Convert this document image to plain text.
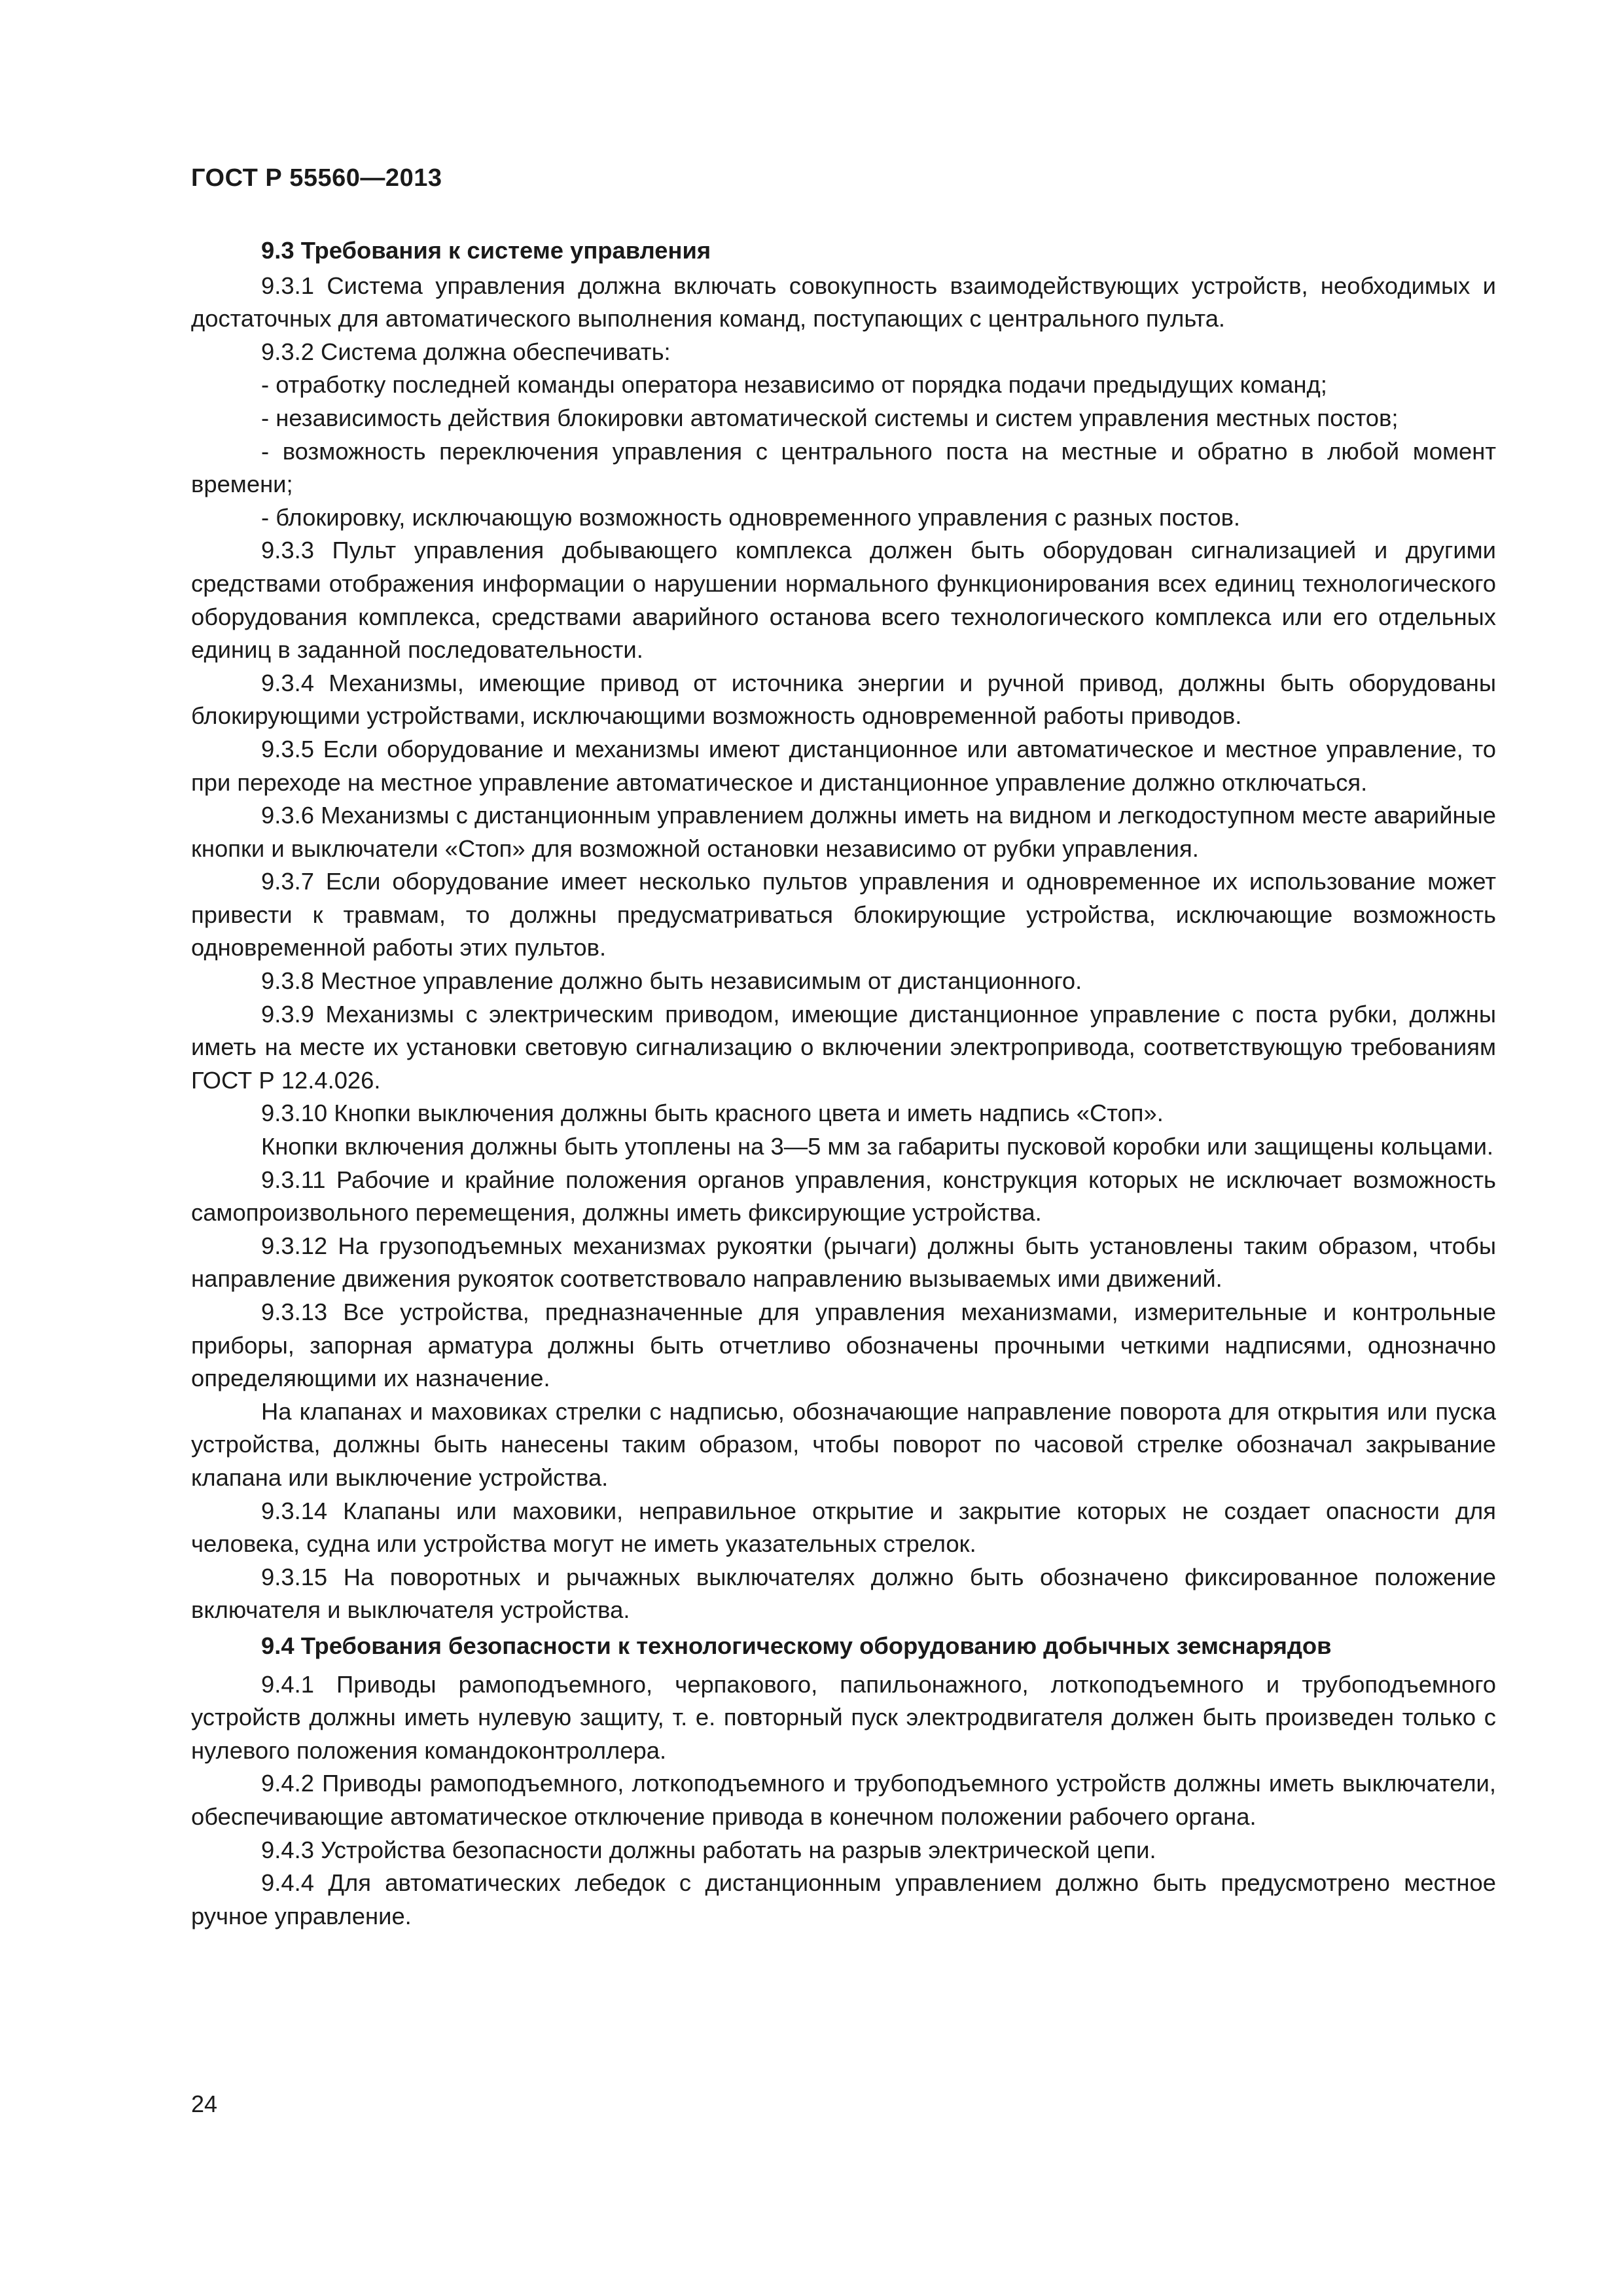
ГОСТ Р 55560—2013

9.3 Требования к системе управления

9.3.1 Система управления должна включать совокупность взаимодействующих устройств, необходимых и достаточных для автоматического выполнения команд, поступающих с центрального пульта.

9.3.2 Система должна обеспечивать:

- отработку последней команды оператора независимо от порядка подачи предыдущих команд;

- независимость действия блокировки автоматической системы и систем управления местных постов;

- возможность переключения управления с центрального поста на местные и обратно в любой момент времени;

- блокировку, исключающую возможность одновременного управления с разных постов.

9.3.3 Пульт управления добывающего комплекса должен быть оборудован сигнализацией и другими средствами отображения информации о нарушении нормального функционирования всех единиц технологического оборудования комплекса, средствами аварийного останова всего технологического комплекса или его отдельных единиц в заданной последовательности.

9.3.4 Механизмы, имеющие привод от источника энергии и ручной привод, должны быть оборудованы блокирующими устройствами, исключающими возможность одновременной работы приводов.

9.3.5 Если оборудование и механизмы имеют дистанционное или автоматическое и местное управление, то при переходе на местное управление автоматическое и дистанционное управление должно отключаться.

9.3.6 Механизмы с дистанционным управлением должны иметь на видном и легкодоступном месте аварийные кнопки и выключатели «Стоп» для возможной остановки независимо от рубки управления.

9.3.7 Если оборудование имеет несколько пультов управления и одновременное их использование может привести к травмам, то должны предусматриваться блокирующие устройства, исключающие возможность одновременной работы этих пультов.

9.3.8 Местное управление должно быть независимым от дистанционного.

9.3.9 Механизмы с электрическим приводом, имеющие дистанционное управление с поста рубки, должны иметь на месте их установки световую сигнализацию о включении электропривода, соответствующую требованиям ГОСТ Р 12.4.026.

9.3.10 Кнопки выключения должны быть красного цвета и иметь надпись «Стоп».

Кнопки включения должны быть утоплены на 3—5 мм за габариты пусковой коробки или защищены кольцами.

9.3.11 Рабочие и крайние положения органов управления, конструкция которых не исключает возможность самопроизвольного перемещения, должны иметь фиксирующие устройства.

9.3.12 На грузоподъемных механизмах рукоятки (рычаги) должны быть установлены таким образом, чтобы направление движения рукояток соответствовало направлению вызываемых ими движений.

9.3.13 Все устройства, предназначенные для управления механизмами, измерительные и контрольные приборы, запорная арматура должны быть отчетливо обозначены прочными четкими надписями, однозначно определяющими их назначение.

На клапанах и маховиках стрелки с надписью, обозначающие направление поворота для открытия или пуска устройства, должны быть нанесены таким образом, чтобы поворот по часовой стрелке обозначал закрывание клапана или выключение устройства.

9.3.14 Клапаны или маховики, неправильное открытие и закрытие которых не создает опасности для человека, судна или устройства могут не иметь указательных стрелок.

9.3.15 На поворотных и рычажных выключателях должно быть обозначено фиксированное положение включателя и выключателя устройства.

9.4 Требования безопасности к технологическому оборудованию добычных земснарядов

9.4.1 Приводы рамоподъемного, черпакового, папильонажного, лоткоподъемного и трубоподъемного устройств должны иметь нулевую защиту, т. е. повторный пуск электродвигателя должен быть произведен только с нулевого положения командоконтроллера.

9.4.2 Приводы рамоподъемного, лоткоподъемного и трубоподъемного устройств должны иметь выключатели, обеспечивающие автоматическое отключение привода в конечном положении рабочего органа.

9.4.3 Устройства безопасности должны работать на разрыв электрической цепи.

9.4.4 Для автоматических лебедок с дистанционным управлением должно быть предусмотрено местное ручное управление.

24
